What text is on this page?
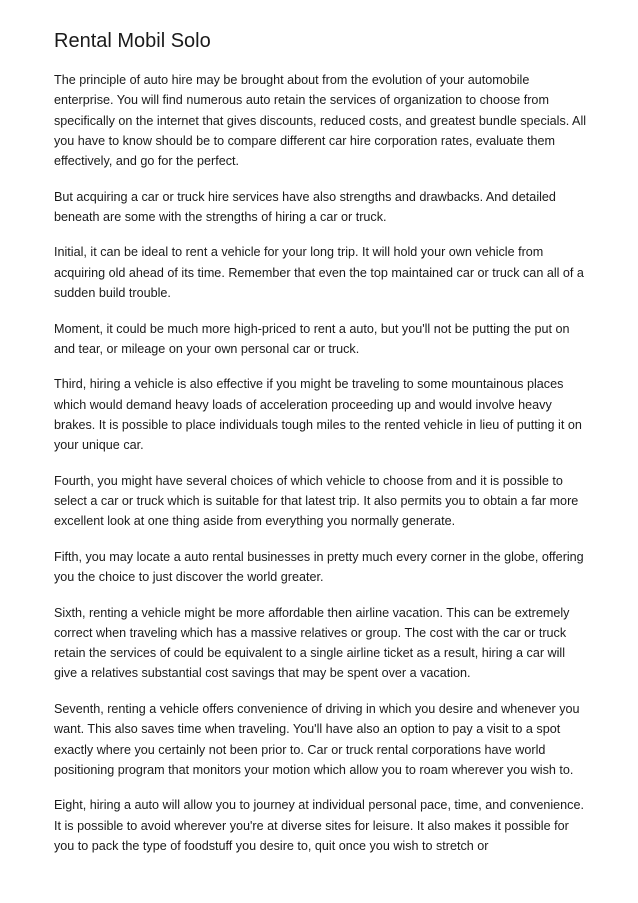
Rental Mobil Solo

The principle of auto hire may be brought about from the evolution of your automobile enterprise. You will find numerous auto retain the services of organization to choose from specifically on the internet that gives discounts, reduced costs, and greatest bundle specials. All you have to know should be to compare different car hire corporation rates, evaluate them effectively, and go for the perfect.

But acquiring a car or truck hire services have also strengths and drawbacks. And detailed beneath are some with the strengths of hiring a car or truck.

Initial, it can be ideal to rent a vehicle for your long trip. It will hold your own vehicle from acquiring old ahead of its time. Remember that even the top maintained car or truck can all of a sudden build trouble.

Moment, it could be much more high-priced to rent a auto, but you'll not be putting the put on and tear, or mileage on your own personal car or truck.

Third, hiring a vehicle is also effective if you might be traveling to some mountainous places which would demand heavy loads of acceleration proceeding up and would involve heavy brakes. It is possible to place individuals tough miles to the rented vehicle in lieu of putting it on your unique car.

Fourth, you might have several choices of which vehicle to choose from and it is possible to select a car or truck which is suitable for that latest trip. It also permits you to obtain a far more excellent look at one thing aside from everything you normally generate.

Fifth, you may locate a auto rental businesses in pretty much every corner in the globe, offering you the choice to just discover the world greater.

Sixth, renting a vehicle might be more affordable then airline vacation. This can be extremely correct when traveling which has a massive relatives or group. The cost with the car or truck retain the services of could be equivalent to a single airline ticket as a result, hiring a car will give a relatives substantial cost savings that may be spent over a vacation.

Seventh, renting a vehicle offers convenience of driving in which you desire and whenever you want. This also saves time when traveling. You'll have also an option to pay a visit to a spot exactly where you certainly not been prior to. Car or truck rental corporations have world positioning program that monitors your motion which allow you to roam wherever you wish to.

Eight, hiring a auto will allow you to journey at individual personal pace, time, and convenience. It is possible to avoid wherever you're at diverse sites for leisure. It also makes it possible for you to pack the type of foodstuff you desire to, quit once you wish to stretch or
